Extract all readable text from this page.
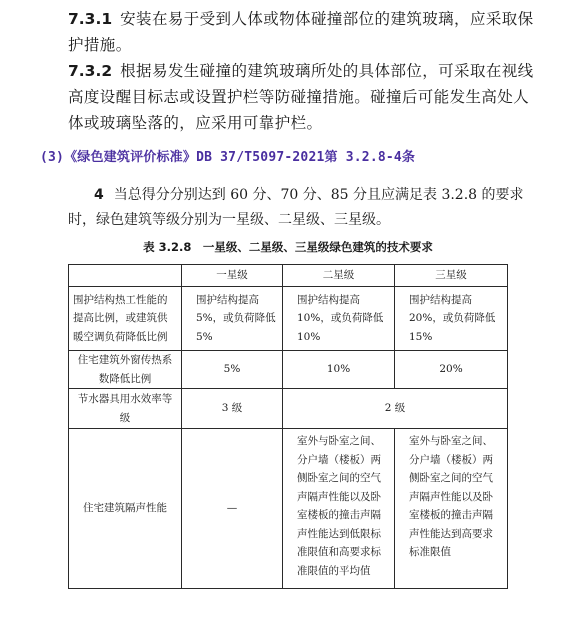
7.3.1 安装在易于受到人体或物体碰撞部位的建筑玻璃，应采取保护措施。

7.3.2 根据易发生碰撞的建筑玻璃所处的具体部位，可采取在视线高度设醒目标志或设置护栏等防碰撞措施。碰撞后可能发生高处人体或玻璃坠落的，应采用可靠护栏。

(3)《绿色建筑评价标准》DB 37/T5097-2021第 3.2.8-4条

4 当总得分分别达到 60 分、70 分、85 分且应满足表 3.2.8 的要求时，绿色建筑等级分别为一星级、二星级、三星级。

表 3.2.8　一星级、二星级、三星级绿色建筑的技术要求
	一星级	二星级	三星级
围护结构热工性能的提高比例，或建筑供暖空调负荷降低比例	围护结构提高5%，或负荷降低5%	围护结构提高10%，或负荷降低10%	围护结构提高20%，或负荷降低15%
住宅建筑外窗传热系数降低比例	5%	10%	20%
节水器具用水效率等级	3 级	2 级	
住宅建筑隔声性能	—	室外与卧室之间、分户墙（楼板）两侧卧室之间的空气声隔声性能以及卧室楼板的撞击声隔声性能达到低限标准限值和高要求标准限值的平均值	室外与卧室之间、分户墙（楼板）两侧卧室之间的空气声隔声性能以及卧室楼板的撞击声隔声性能达到高要求标准限值
